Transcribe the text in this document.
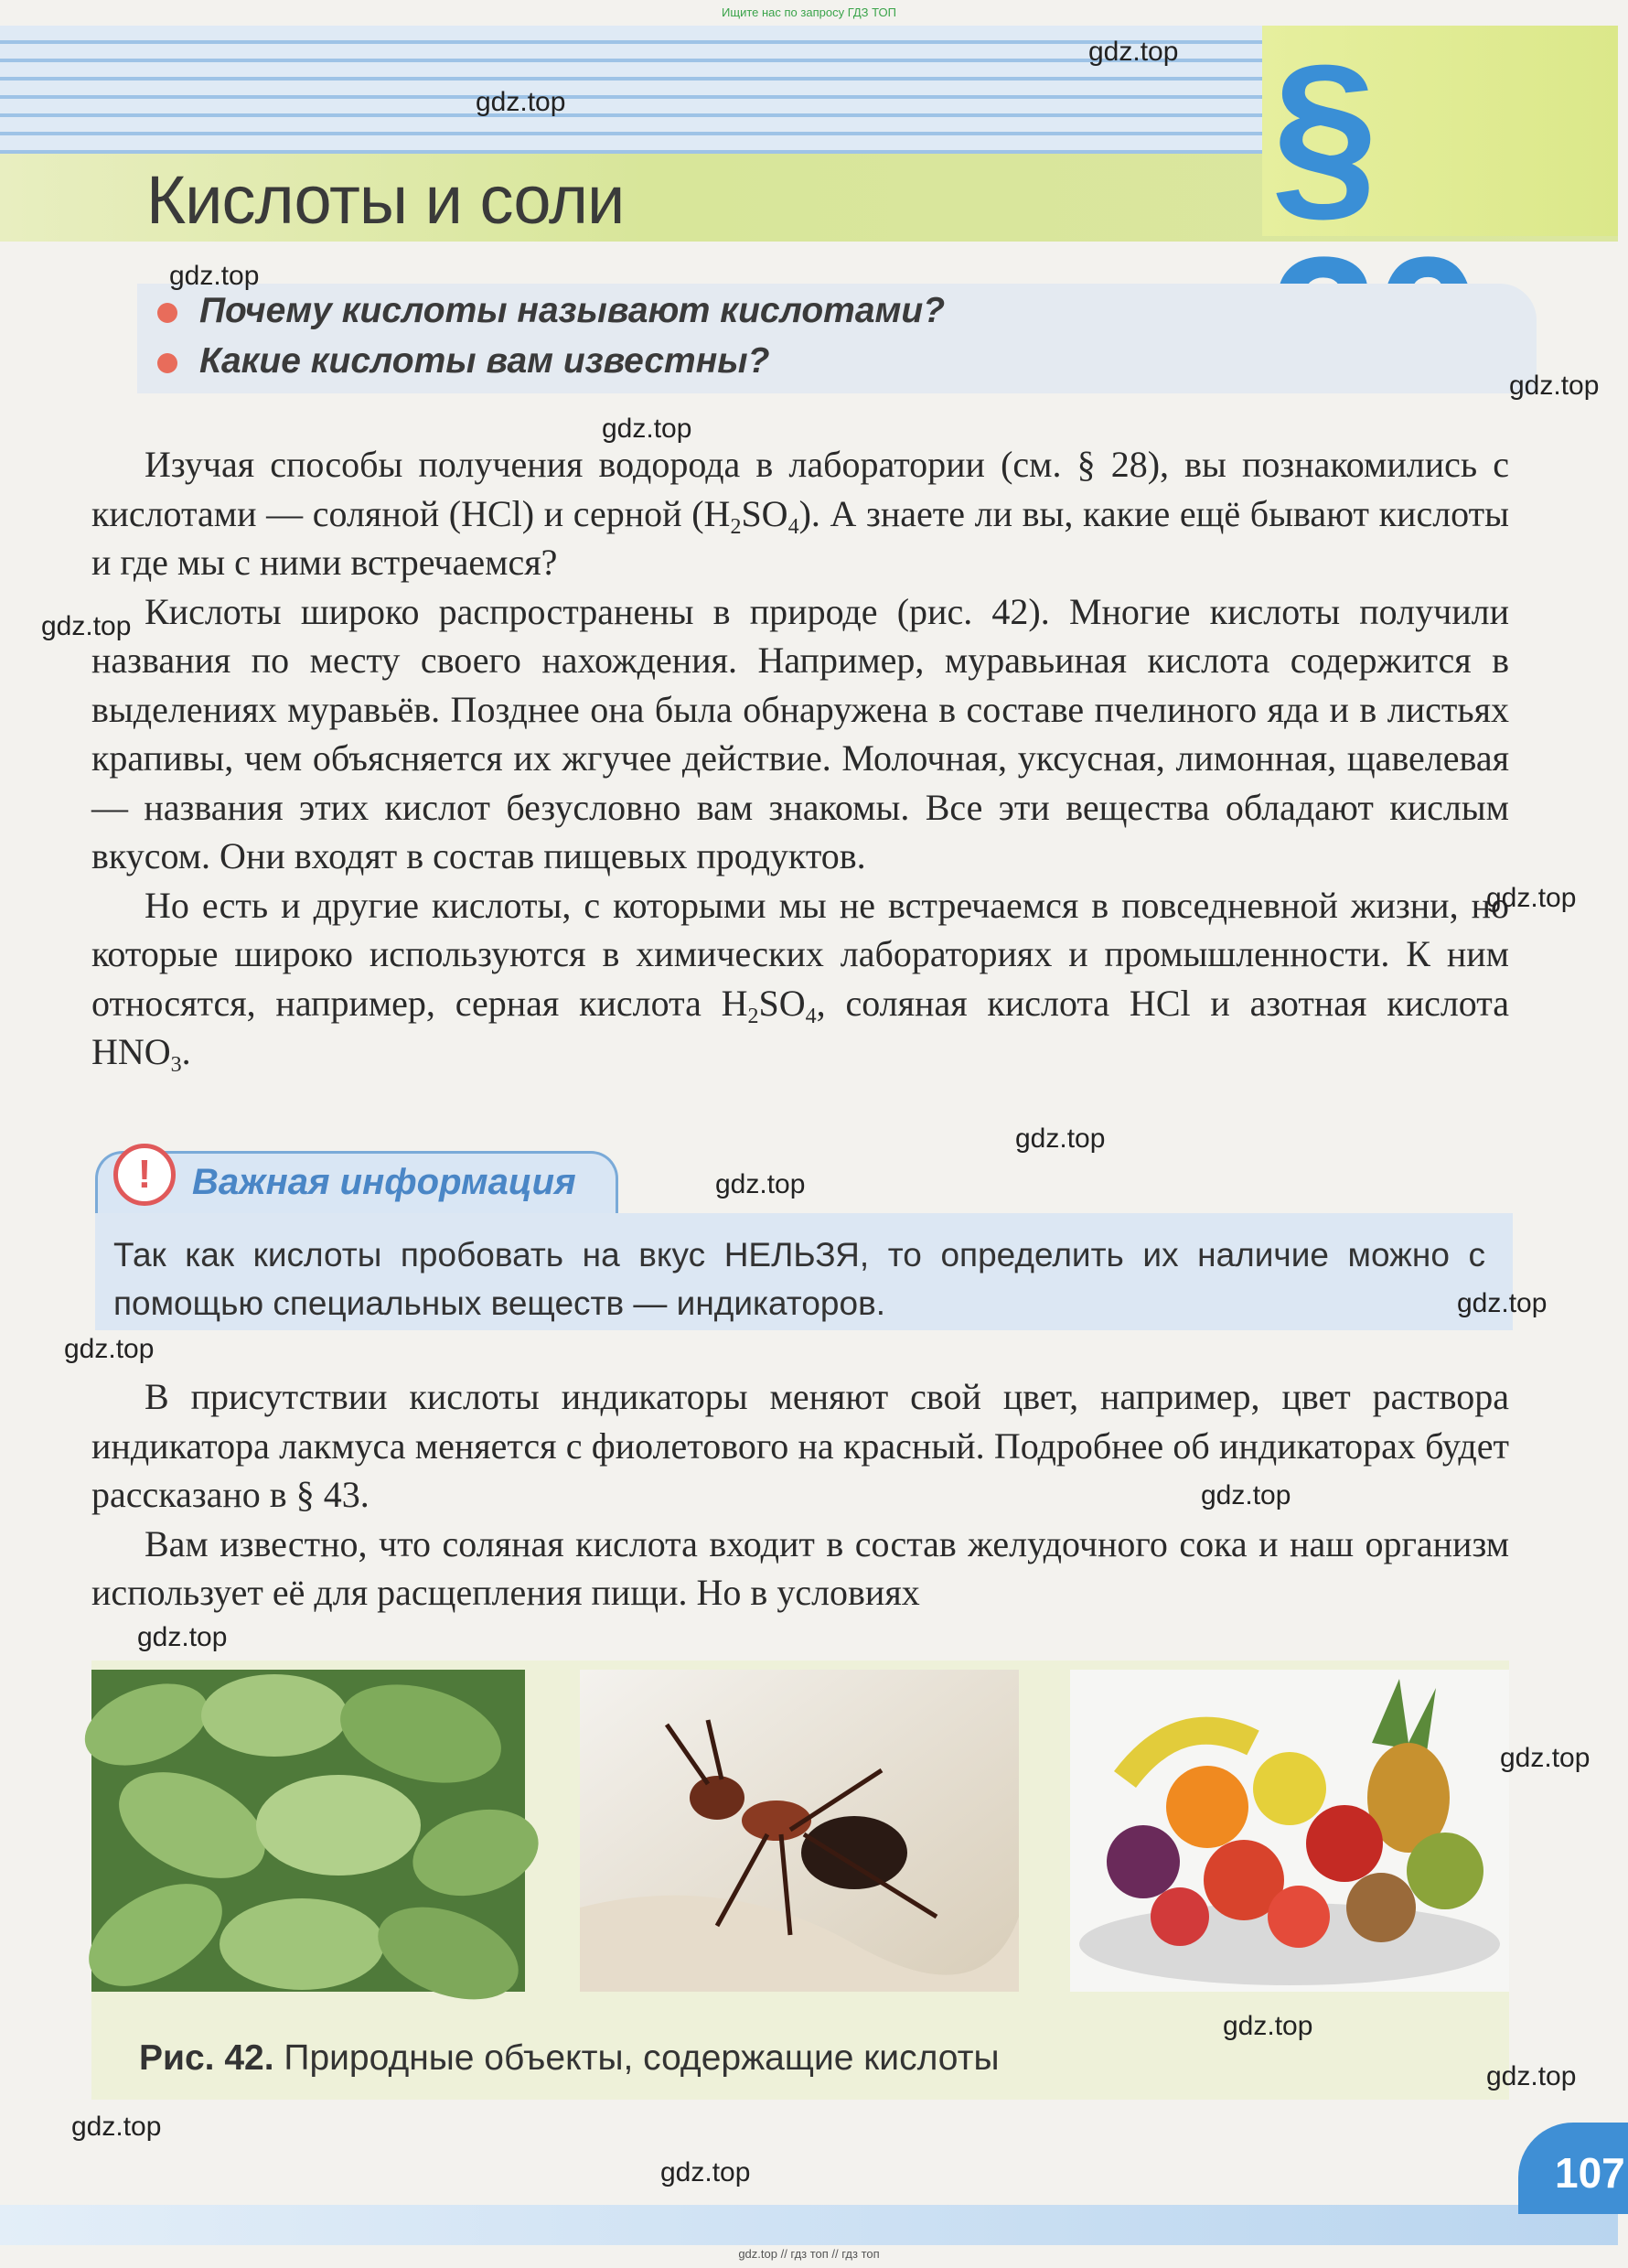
Ищите нас по запросу ГДЗ ТОП
§
Кислоты и соли
Почему кислоты называют кислотами?
Какие кислоты вам известны?

Изучая способы получения водорода в лаборатории (см. § 28), вы познакомились с кислотами — соляной (HCl) и серной $(H_2SO_4)$. А знаете ли вы, какие ещё бывают кислоты и где мы с ними встречаемся?

Кислоты широко распространены в природе (рис. 42). Многие кислоты получили названия по месту своего нахождения. Например, муравьиная кислота содержится в выделениях муравьёв. Позднее она была обнаружена в составе пчелиного яда и в листьях крапивы, чем объясняется их жгучее действие. Молочная, уксусная, лимонная, щавелевая — названия этих кислот безусловно вам знакомы. Все эти вещества обладают кислым вкусом. Они входят в состав пищевых продуктов.

Но есть и другие кислоты, с которыми мы не встречаемся в повседневной жизни, но которые широко используются в химических лабораториях и промышленности. К ним относятся, например, серная кислота $H_2SO_4$, соляная кислота HCl и азотная кислота $HNO_3$.

!	Важная информация
Так как кислоты пробовать на вкус НЕЛЬЗЯ, то определить их наличие можно с помощью специальных веществ — индикаторов.

В присутствии кислоты индикаторы меняют свой цвет, например, цвет раствора индикатора лакмуса меняется с фиолетового на красный. Подробнее об индикаторах будет рассказано в § 43.

Вам известно, что соляная кислота входит в состав желудочного сока и наш организм использует её для расщепления пищи. Но в условиях

Рис. 42. Природные объекты, содержащие кислоты
gdz.top
gdz.top
gdz.top
gdz.top
gdz.top
gdz.top
gdz.top
gdz.top
gdz.top
gdz.top
gdz.top
gdz.top
gdz.top
gdz.top
gdz.top
gdz.top
gdz.top
gdz.top	107
gdz.top // гдз топ // гдз топ
